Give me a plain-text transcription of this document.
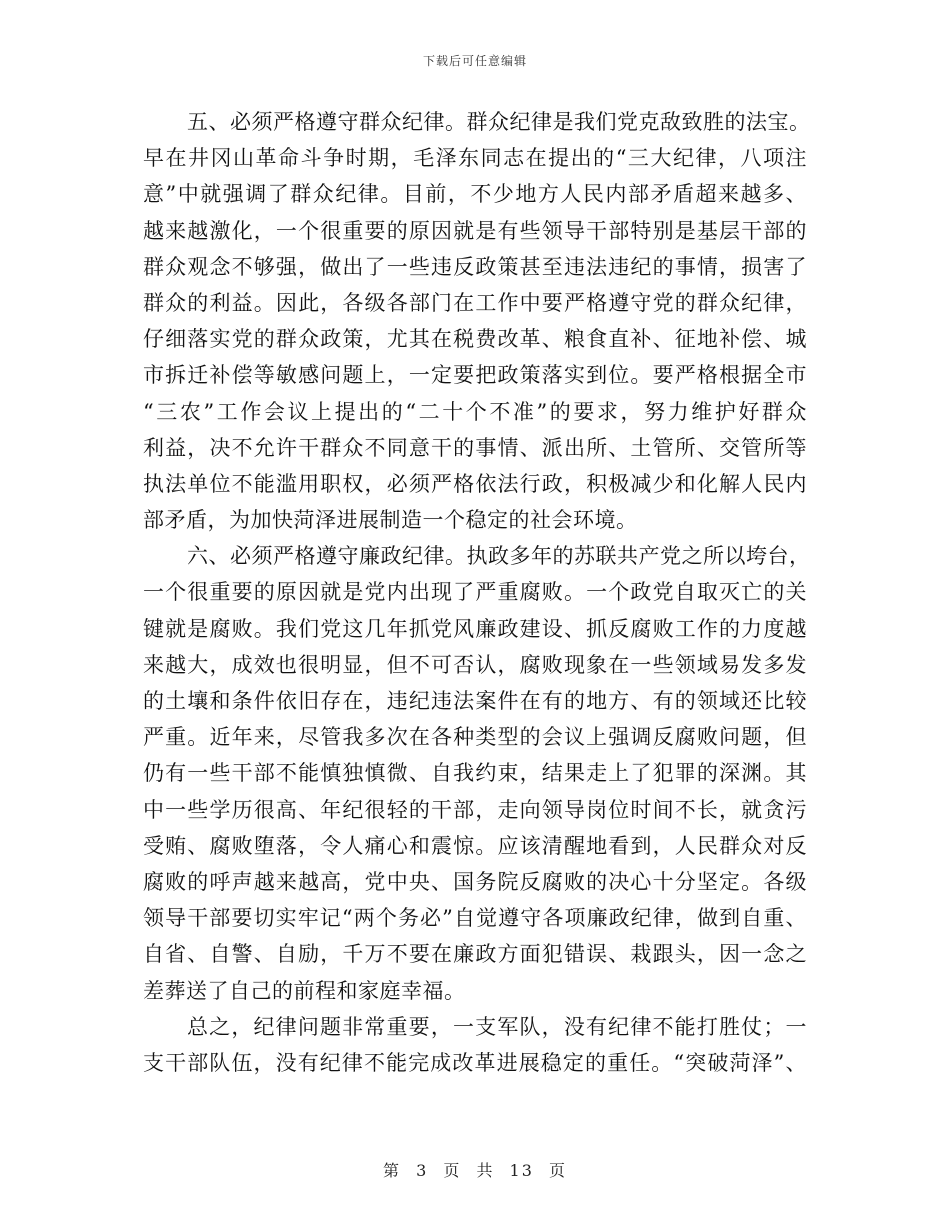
下载后可任意编辑
五、必须严格遵守群众纪律。群众纪律是我们党克敌致胜的法宝。
早在井冈山革命斗争时期，毛泽东同志在提出的“三大纪律，八项注
意”中就强调了群众纪律。目前，不少地方人民内部矛盾超来越多、
越来越激化，一个很重要的原因就是有些领导干部特别是基层干部的
群众观念不够强，做出了一些违反政策甚至违法违纪的事情，损害了
群众的利益。因此，各级各部门在工作中要严格遵守党的群众纪律，
仔细落实党的群众政策，尤其在税费改革、粮食直补、征地补偿、城
市拆迁补偿等敏感问题上，一定要把政策落实到位。要严格根据全市
“三农”工作会议上提出的“二十个不准”的要求，努力维护好群众
利益，决不允许干群众不同意干的事情、派出所、土管所、交管所等
执法单位不能滥用职权，必须严格依法行政，积极减少和化解人民内
部矛盾，为加快菏泽进展制造一个稳定的社会环境。
六、必须严格遵守廉政纪律。执政多年的苏联共产党之所以垮台，
一个很重要的原因就是党内出现了严重腐败。一个政党自取灭亡的关
键就是腐败。我们党这几年抓党风廉政建设、抓反腐败工作的力度越
来越大，成效也很明显，但不可否认，腐败现象在一些领域易发多发
的土壤和条件依旧存在，违纪违法案件在有的地方、有的领域还比较
严重。近年来，尽管我多次在各种类型的会议上强调反腐败问题，但
仍有一些干部不能慎独慎微、自我约束，结果走上了犯罪的深渊。其
中一些学历很高、年纪很轻的干部，走向领导岗位时间不长，就贪污
受贿、腐败堕落，令人痛心和震惊。应该清醒地看到，人民群众对反
腐败的呼声越来越高，党中央、国务院反腐败的决心十分坚定。各级
领导干部要切实牢记“两个务必”自觉遵守各项廉政纪律，做到自重、
自省、自警、自励，千万不要在廉政方面犯错误、栽跟头，因一念之
差葬送了自己的前程和家庭幸福。
总之，纪律问题非常重要，一支军队，没有纪律不能打胜仗；一
支干部队伍，没有纪律不能完成改革进展稳定的重任。“突破菏泽”、
第 3 页 共 13 页
